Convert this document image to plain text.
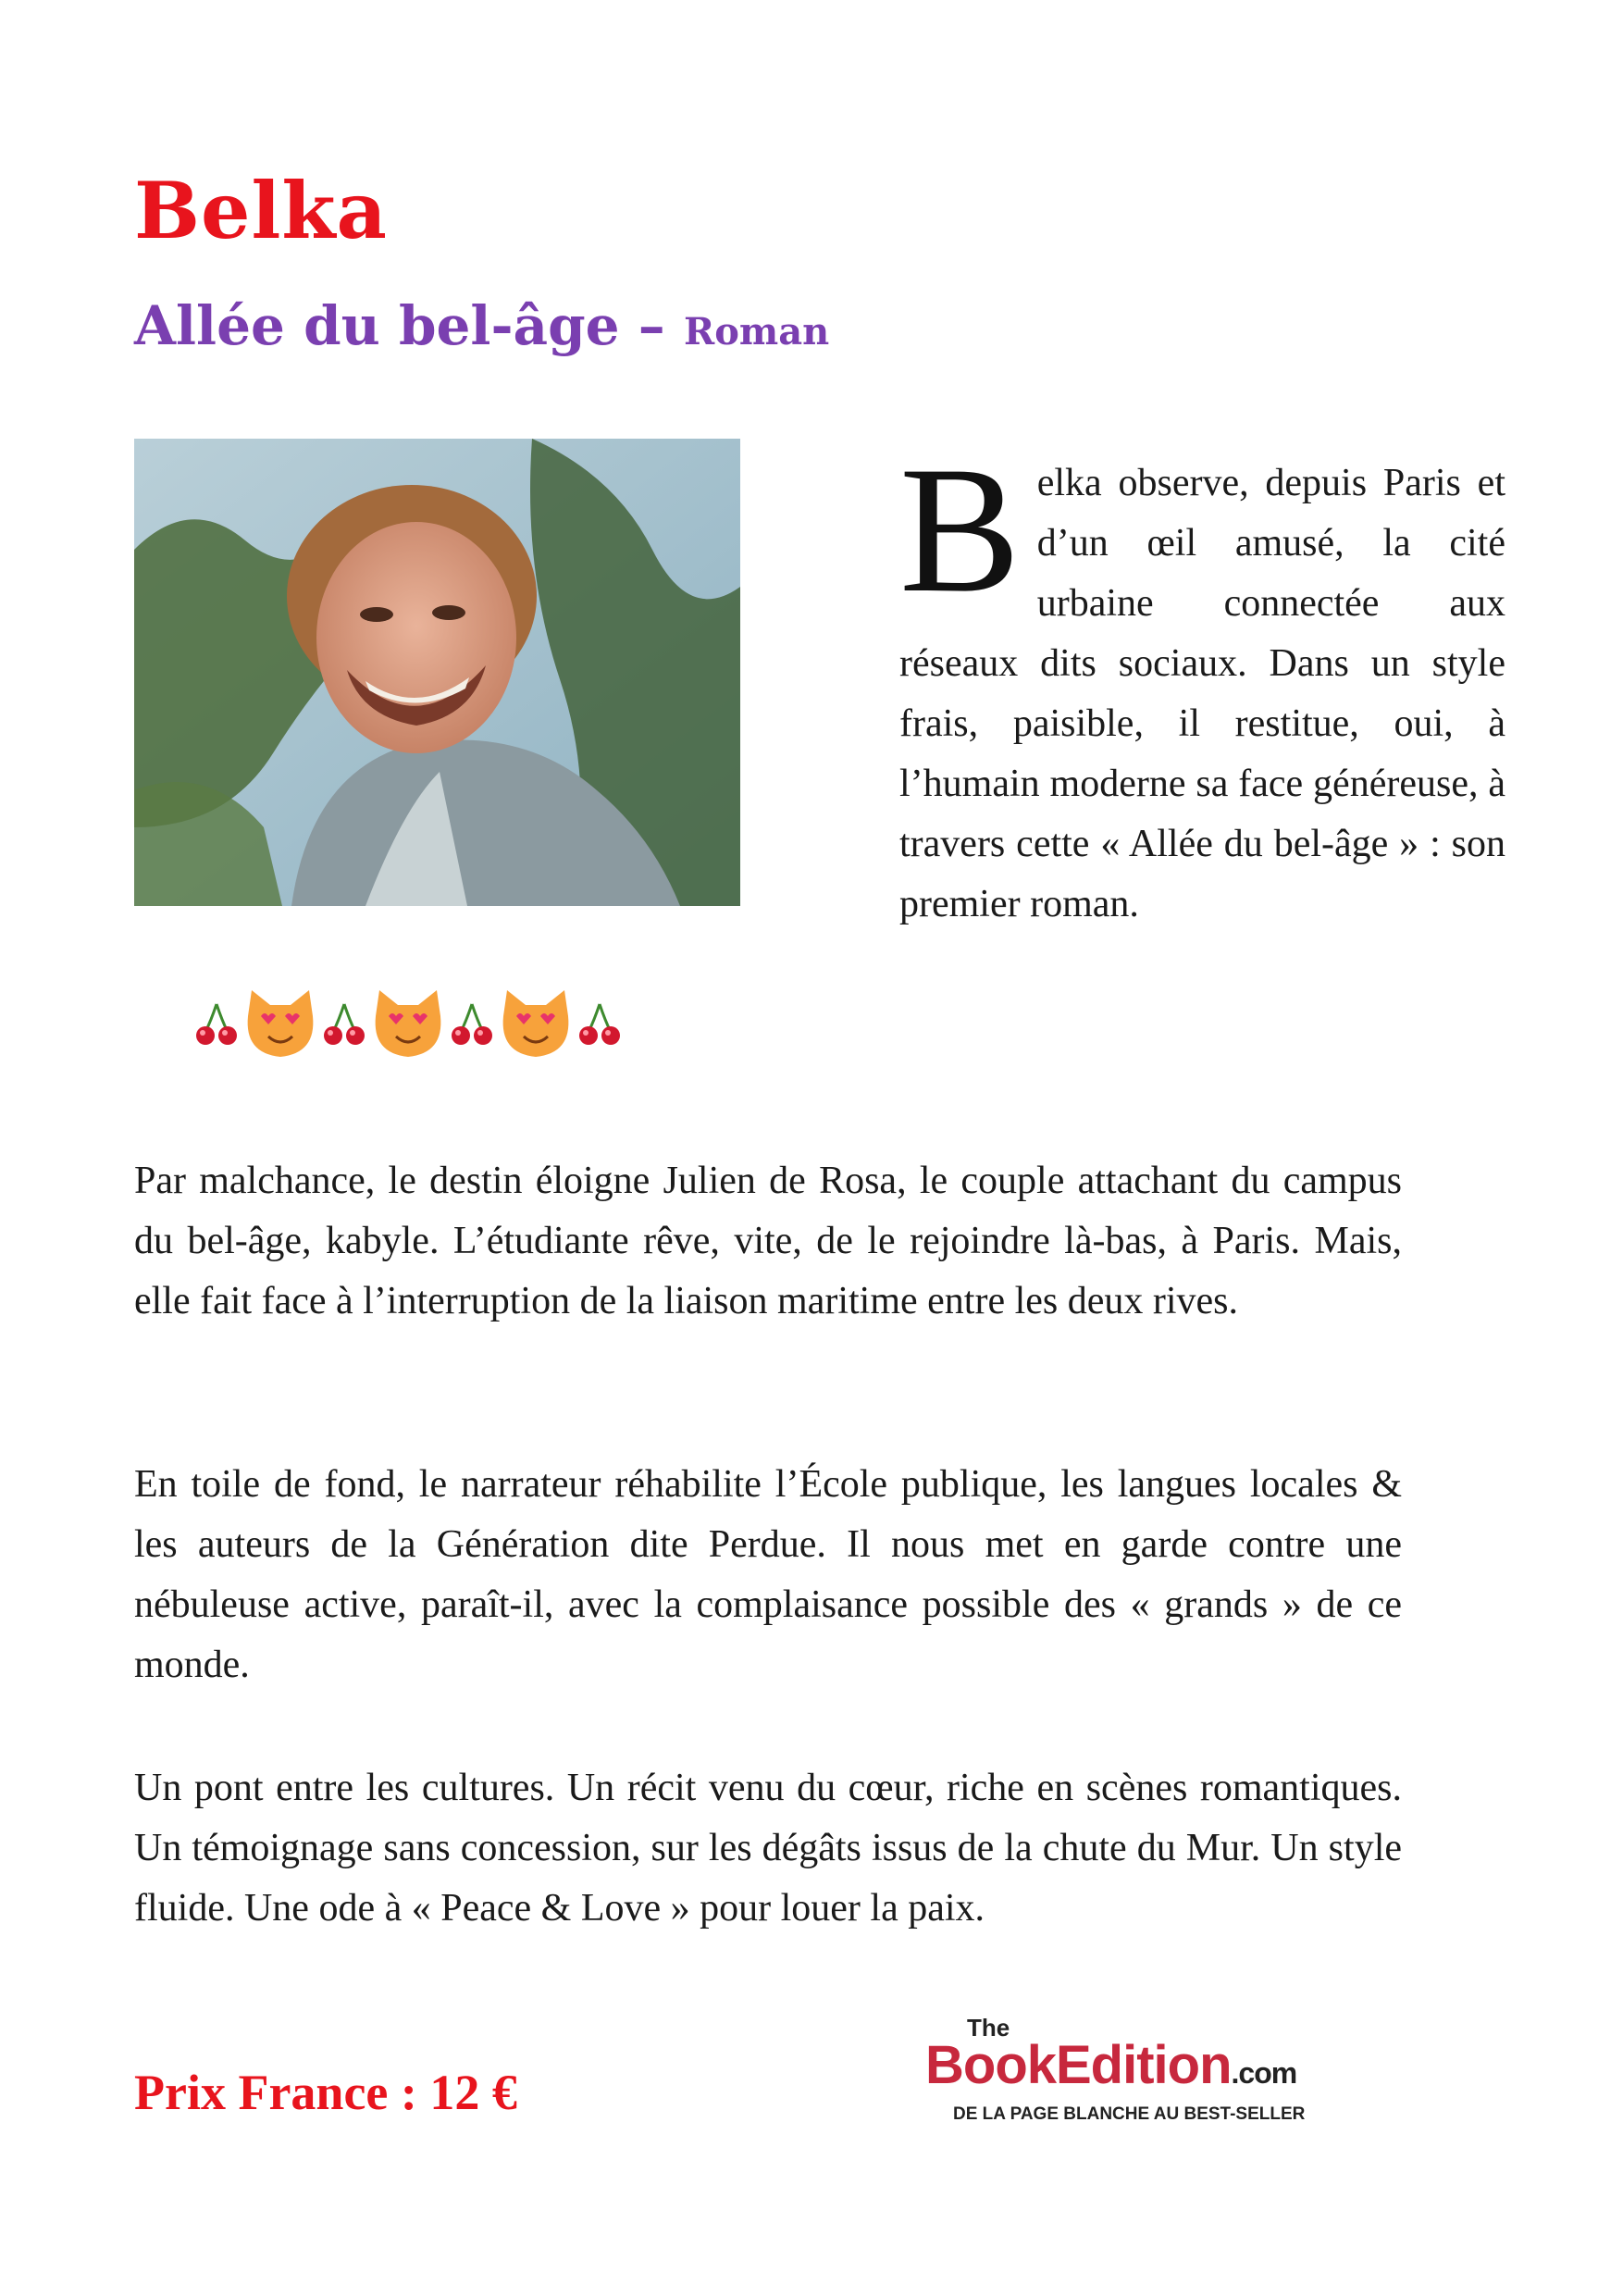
Belka
Allée du bel-âge – Roman

B elka observe, depuis Paris et d’un œil amusé, la cité urbaine connectée aux réseaux dits sociaux. Dans un style frais, paisible, il restitue, oui, à l’humain moderne sa face généreuse, à travers cette « Allée du bel-âge » : son premier roman.

Par malchance, le destin éloigne Julien de Rosa, le couple attachant du campus du bel-âge, kabyle. L’étudiante rêve, vite, de le rejoindre là-bas, à Paris. Mais, elle fait face à l’interruption de la liaison maritime entre les deux rives.

En toile de fond, le narrateur réhabilite l’École publique, les langues locales & les auteurs de la Génération dite Perdue. Il nous met en garde contre une nébuleuse active, paraît-il, avec la complaisance possible des « grands » de ce monde.

Un pont entre les cultures. Un récit venu du cœur, riche en scènes romantiques. Un témoignage sans concession, sur les dégâts issus de la chute du Mur. Un style fluide. Une ode à « Peace & Love » pour louer la paix.

Prix France : 12 €

The
BookEdition.com
DE LA PAGE BLANCHE AU BEST-SELLER
